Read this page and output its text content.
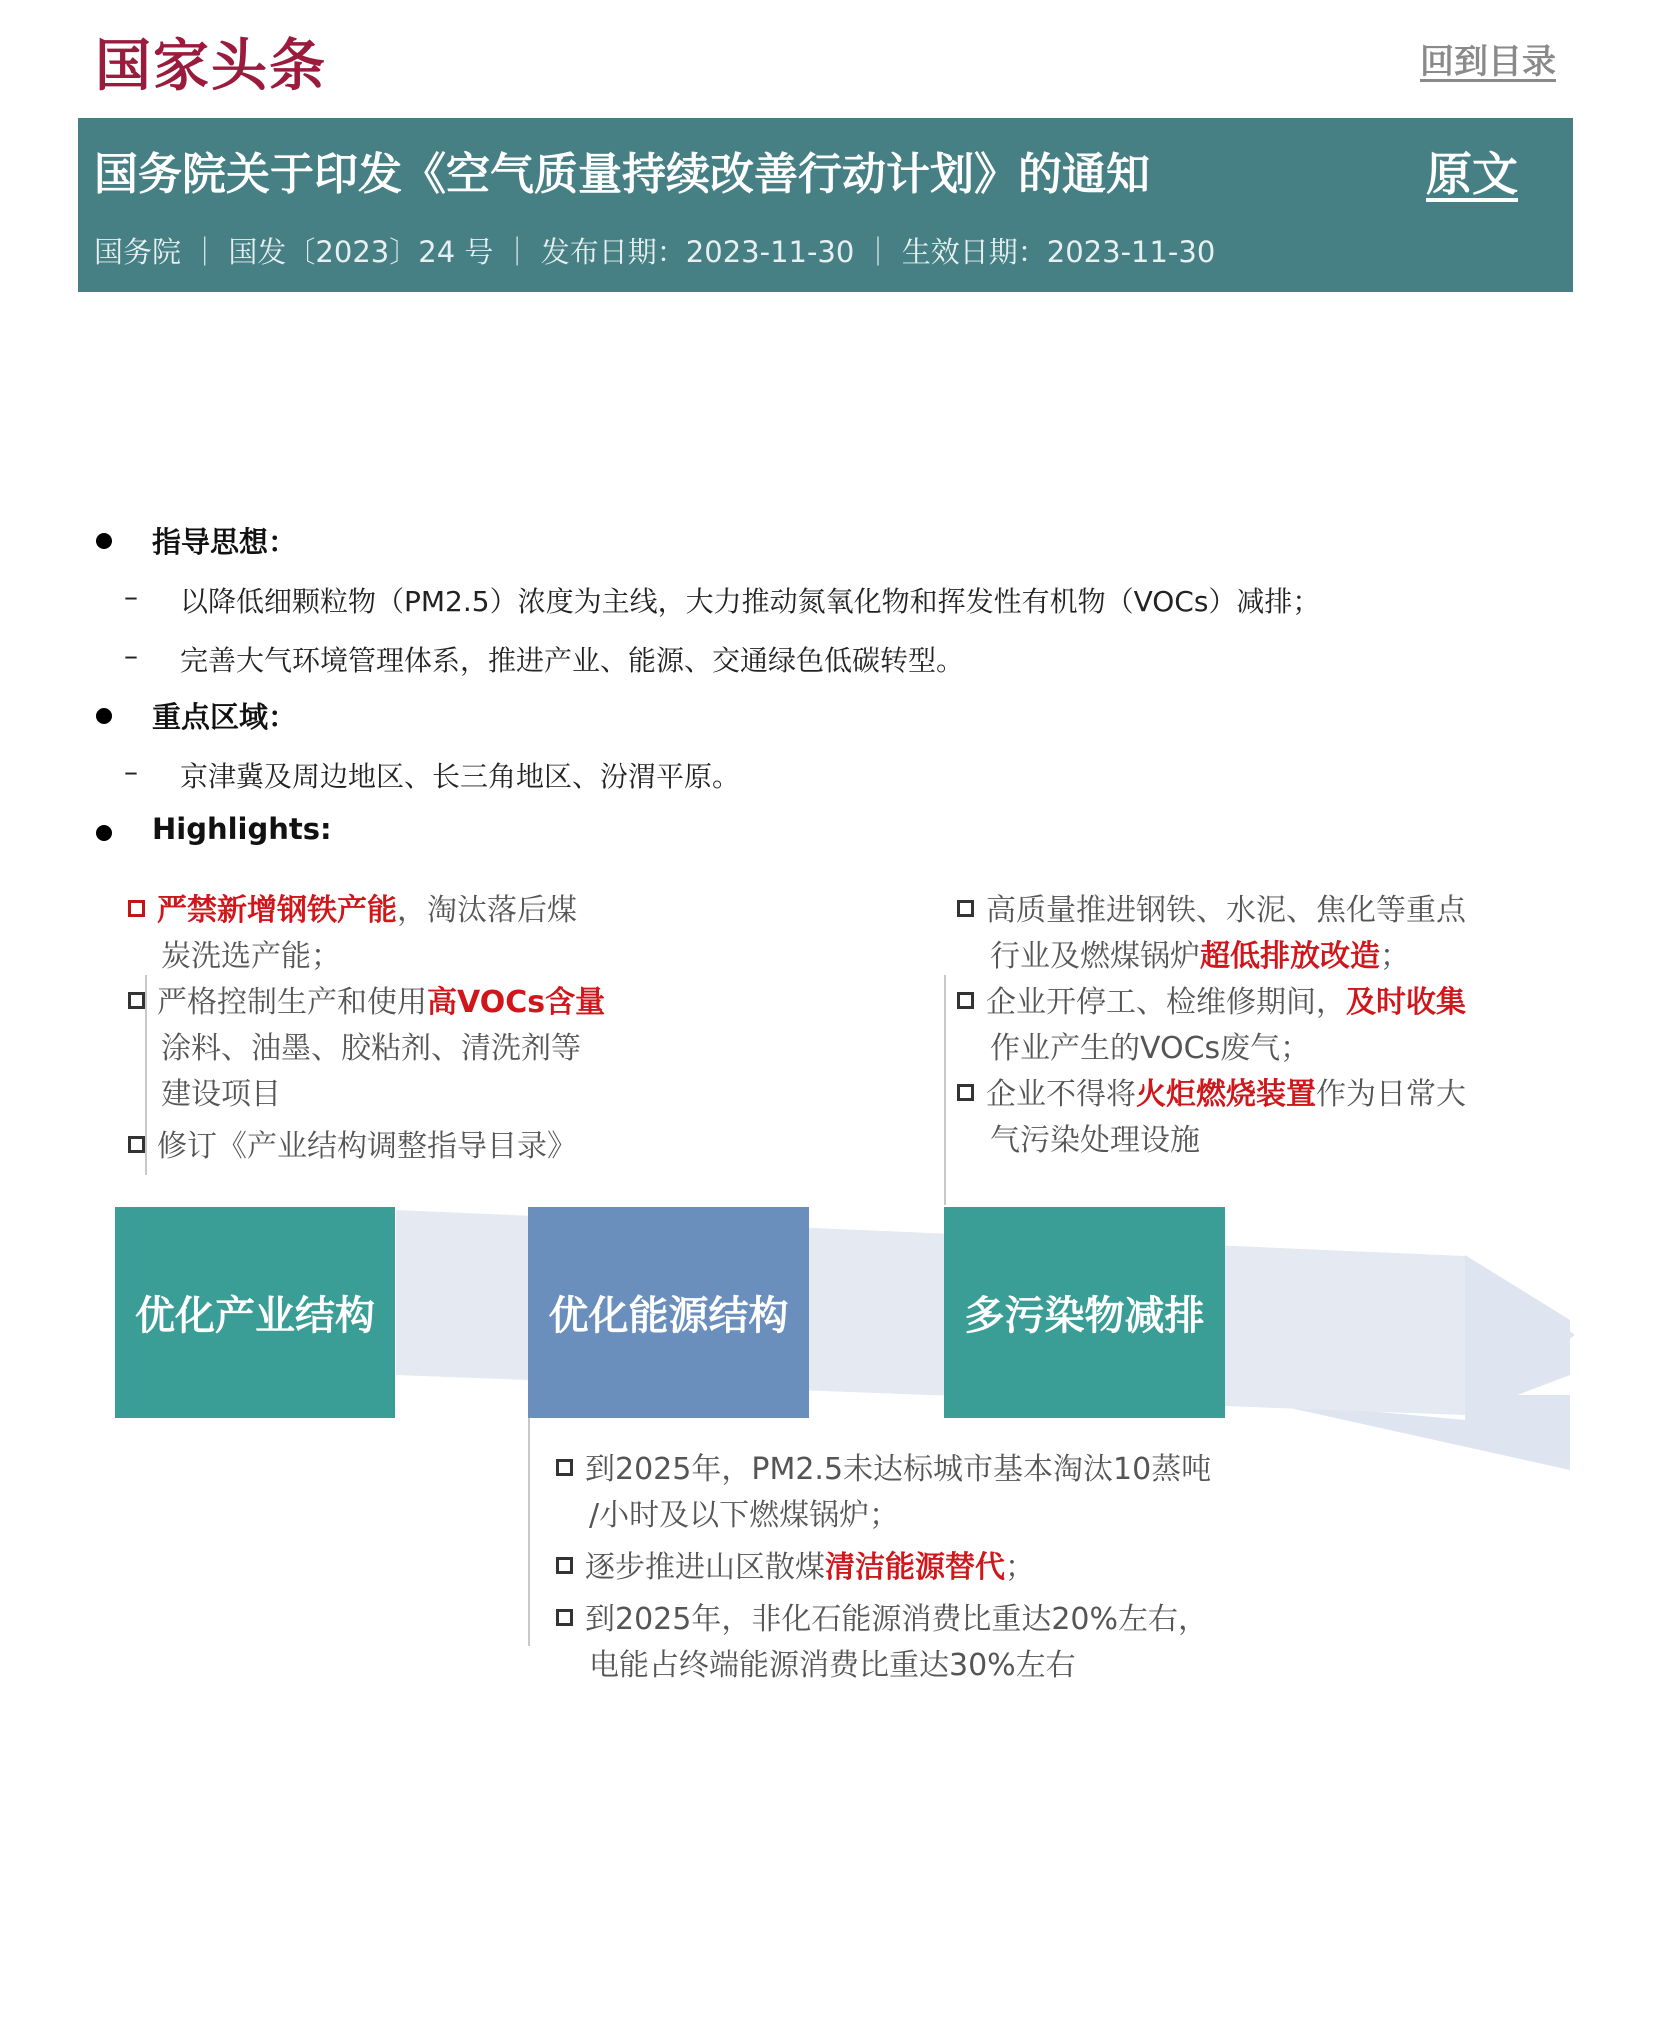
国家头条	回到目录
国务院关于印发《空气质量持续改善行动计划》的通知	原文
国务院 ｜ 国发〔2023〕24 号 ｜ 发布日期：2023-11-30 ｜ 生效日期：2023-11-30
指导思想：
– 以降低细颗粒物（PM2.5）浓度为主线，大力推动氮氧化物和挥发性有机物（VOCs）减排；
– 完善大气环境管理体系，推进产业、能源、交通绿色低碳转型。
重点区域：
– 京津冀及周边地区、长三角地区、汾渭平原。
Highlights:
优化产业结构	优化能源结构	多污染物减排
严禁新增钢铁产能，淘汰落后煤
炭洗选产能；
严格控制生产和使用高VOCs含量
涂料、油墨、胶粘剂、清洗剂等
建设项目
修订《产业结构调整指导目录》
高质量推进钢铁、水泥、焦化等重点
行业及燃煤锅炉超低排放改造；
企业开停工、检维修期间，及时收集
作业产生的VOCs废气；
企业不得将火炬燃烧装置作为日常大
气污染处理设施
到2025年，PM2.5未达标城市基本淘汰10蒸吨
/小时及以下燃煤锅炉；
逐步推进山区散煤清洁能源替代；
到2025年，非化石能源消费比重达20%左右，
电能占终端能源消费比重达30%左右
